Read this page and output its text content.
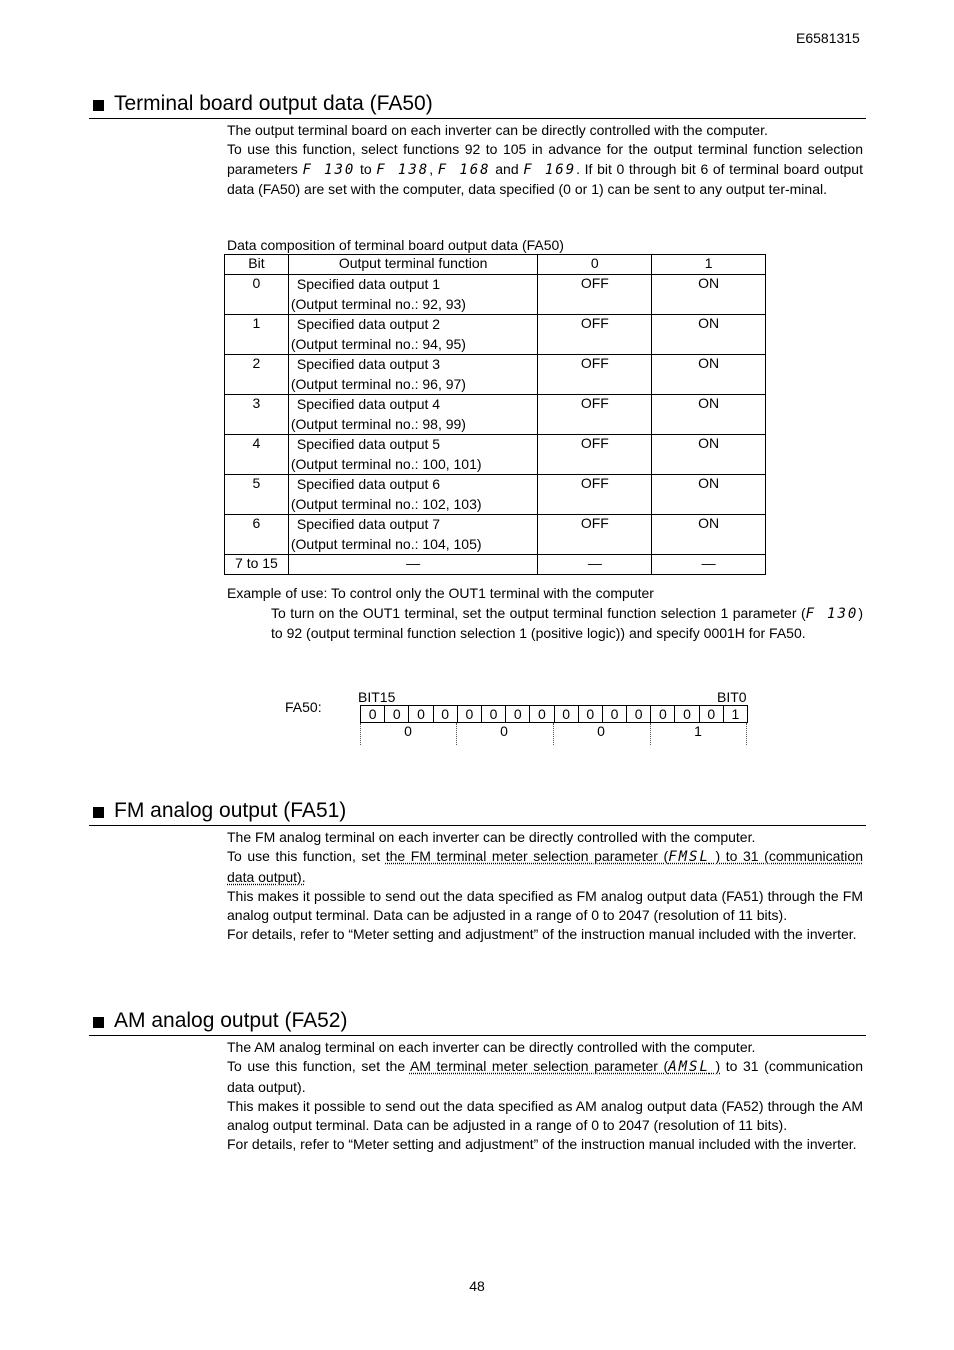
E6581315
Terminal board output data (FA50)

The output terminal board on each inverter can be directly controlled with the computer.

To use this function, select functions 92 to 105 in advance for the output terminal function selection parameters F 130 to F 138, F 168 and F 169. If bit 0 through bit 6 of terminal board output data (FA50) are set with the computer, data specified (0 or 1) can be sent to any output ter-minal.

Data composition of terminal board output data (FA50)
Bit	Output terminal function	0	1
0	Specified data output 1
(Output terminal no.: 92, 93)	OFF	ON
1	Specified data output 2
(Output terminal no.: 94, 95)	OFF	ON
2	Specified data output 3
(Output terminal no.: 96, 97)	OFF	ON
3	Specified data output 4
(Output terminal no.: 98, 99)	OFF	ON
4	Specified data output 5
(Output terminal no.: 100, 101)	OFF	ON
5	Specified data output 6
(Output terminal no.: 102, 103)	OFF	ON
6	Specified data output 7
(Output terminal no.: 104, 105)	OFF	ON
7 to 15	—	—	—
Example of use: To control only the OUT1 terminal with the computer

To turn on the OUT1 terminal, set the output terminal function selection 1 parameter (F 130) to 92 (output terminal function selection 1 (positive logic)) and specify 0001H for FA50.

FA50:
BIT15	BIT0
0	0	0	0	0	0	0	0	0	0	0	0	0	0	0	1
0	0	0	1
FM analog output (FA51)

The FM analog terminal on each inverter can be directly controlled with the computer.

To use this function, set the FM terminal meter selection parameter (FMSL ) to 31 (communication data output).

This makes it possible to send out the data specified as FM analog output data (FA51) through the FM analog output terminal. Data can be adjusted in a range of 0 to 2047 (resolution of 11 bits).

For details, refer to “Meter setting and adjustment” of the instruction manual included with the inverter.

AM analog output (FA52)

The AM analog terminal on each inverter can be directly controlled with the computer.

To use this function, set the AM terminal meter selection parameter (AMSL ) to 31 (communication data output).

This makes it possible to send out the data specified as AM analog output data (FA52) through the AM analog output terminal. Data can be adjusted in a range of 0 to 2047 (resolution of 11 bits).

For details, refer to “Meter setting and adjustment” of the instruction manual included with the inverter.

48
